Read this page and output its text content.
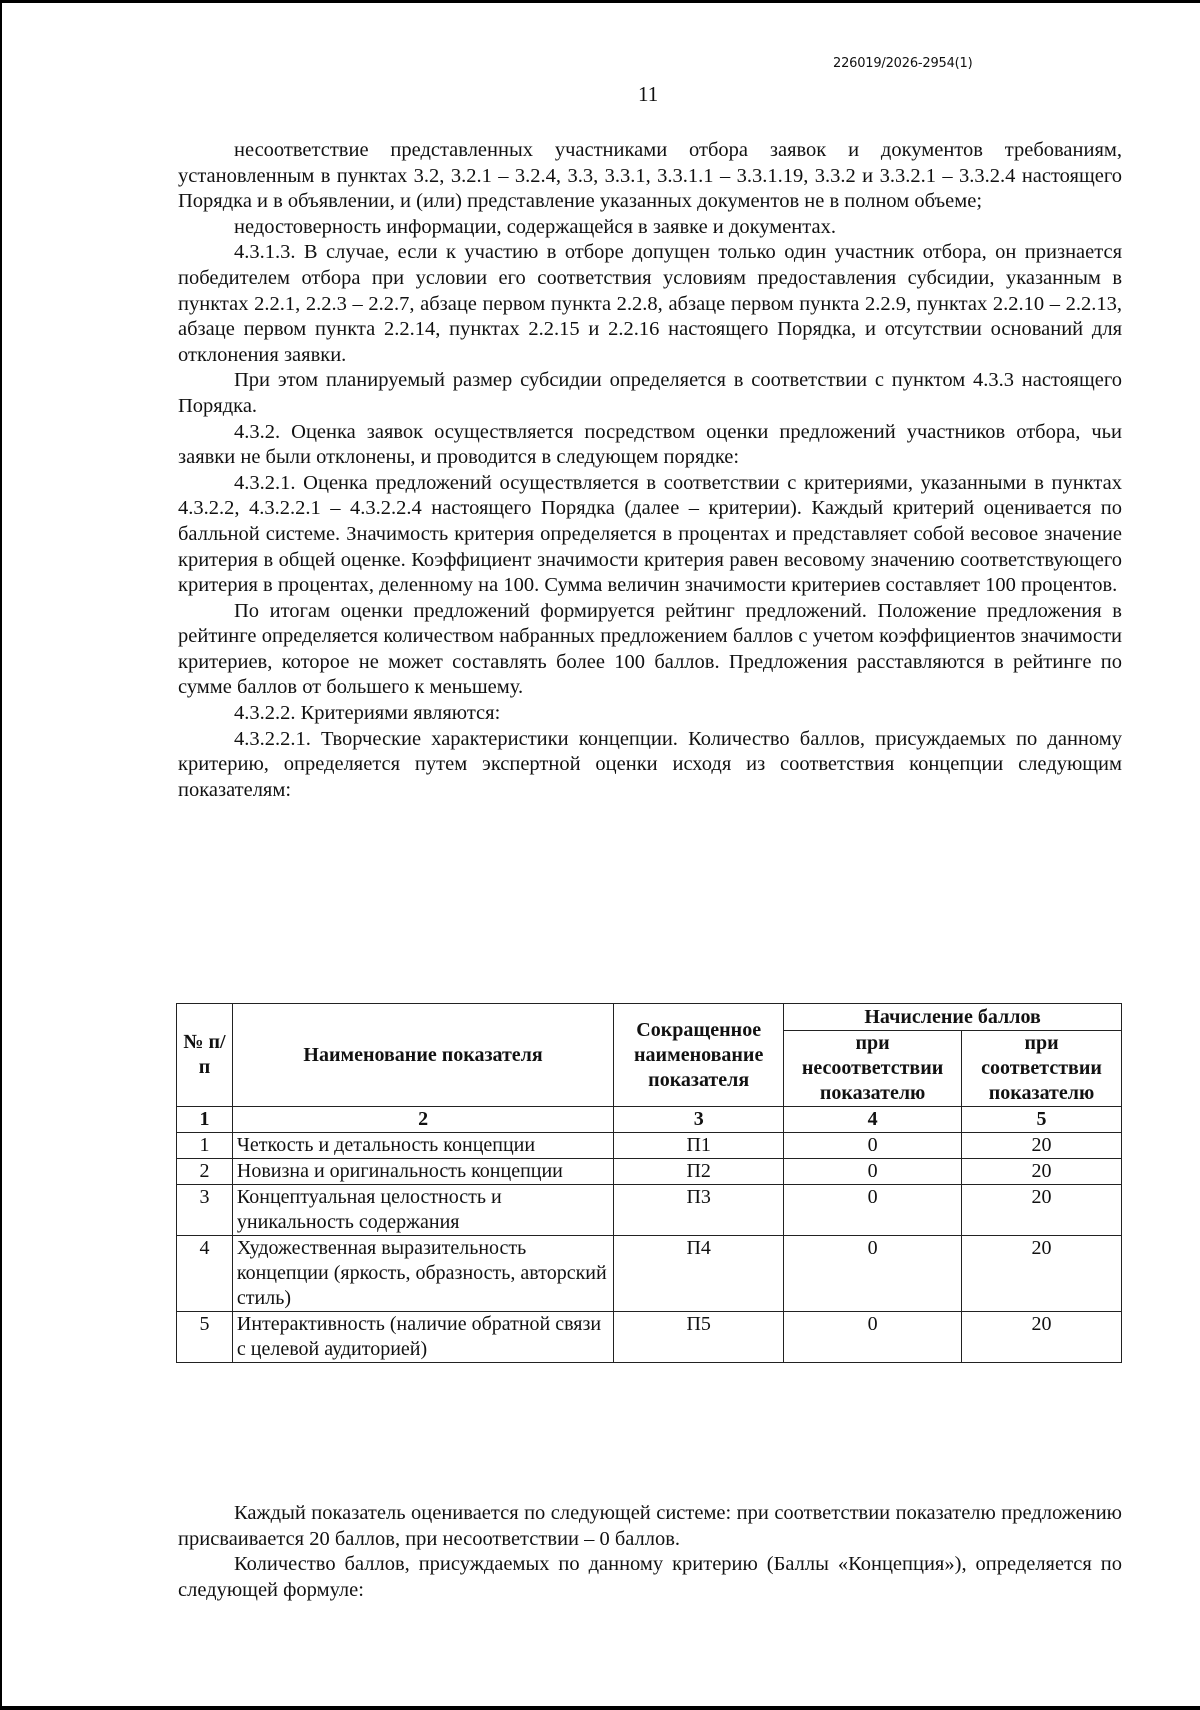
226019/2026-2954(1)
11

несоответствие представленных участниками отбора заявок и документов требованиям, установленным в пунктах 3.2, 3.2.1 – 3.2.4, 3.3, 3.3.1, 3.3.1.1 – 3.3.1.19, 3.3.2 и 3.3.2.1 – 3.3.2.4 настоящего Порядка и в объявлении, и (или) представление указанных документов не в полном объеме;

недостоверность информации, содержащейся в заявке и документах.

4.3.1.3. В случае, если к участию в отборе допущен только один участник отбора, он признается победителем отбора при условии его соответствия условиям предоставления субсидии, указанным в пунктах 2.2.1, 2.2.3 – 2.2.7, абзаце первом пункта 2.2.8, абзаце первом пункта 2.2.9, пунктах 2.2.10 – 2.2.13, абзаце первом пункта 2.2.14, пунктах 2.2.15 и 2.2.16 настоящего Порядка, и отсутствии оснований для отклонения заявки.

При этом планируемый размер субсидии определяется в соответствии с пунктом 4.3.3 настоящего Порядка.

4.3.2. Оценка заявок осуществляется посредством оценки предложений участников отбора, чьи заявки не были отклонены, и проводится в следующем порядке:

4.3.2.1. Оценка предложений осуществляется в соответствии с критериями, указанными в пунктах 4.3.2.2, 4.3.2.2.1 – 4.3.2.2.4 настоящего Порядка (далее – критерии). Каждый критерий оценивается по балльной системе. Значимость критерия определяется в процентах и представляет собой весовое значение критерия в общей оценке. Коэффициент значимости критерия равен весовому значению соответствующего критерия в процентах, деленному на 100. Сумма величин значимости критериев составляет 100 процентов.

По итогам оценки предложений формируется рейтинг предложений. Положение предложения в рейтинге определяется количеством набранных предложением баллов с учетом коэффициентов значимости критериев, которое не может составлять более 100 баллов. Предложения расставляются в рейтинге по сумме баллов от большего к меньшему.

4.3.2.2. Критериями являются:

4.3.2.2.1. Творческие характеристики концепции. Количество баллов, присуждаемых по данному критерию, определяется путем экспертной оценки исходя из соответствия концепции следующим показателям:

№ п/п	Наименование показателя	Сокращенное наименование показателя	Начисление баллов	
			при несоответствии показателю	при соответствии показателю
1	2	3	4	5
1	Четкость и детальность концепции	П1	0	20
2	Новизна и оригинальность концепции	П2	0	20
3	Концептуальная целостность и уникальность содержания	П3	0	20
4	Художественная выразительность концепции (яркость, образность, авторский стиль)	П4	0	20
5	Интерактивность (наличие обратной связи с целевой аудиторией)	П5	0	20

Каждый показатель оценивается по следующей системе: при соответствии показателю предложению присваивается 20 баллов, при несоответствии – 0 баллов.

Количество баллов, присуждаемых по данному критерию (Баллы «Концепция»), определяется по следующей формуле:
